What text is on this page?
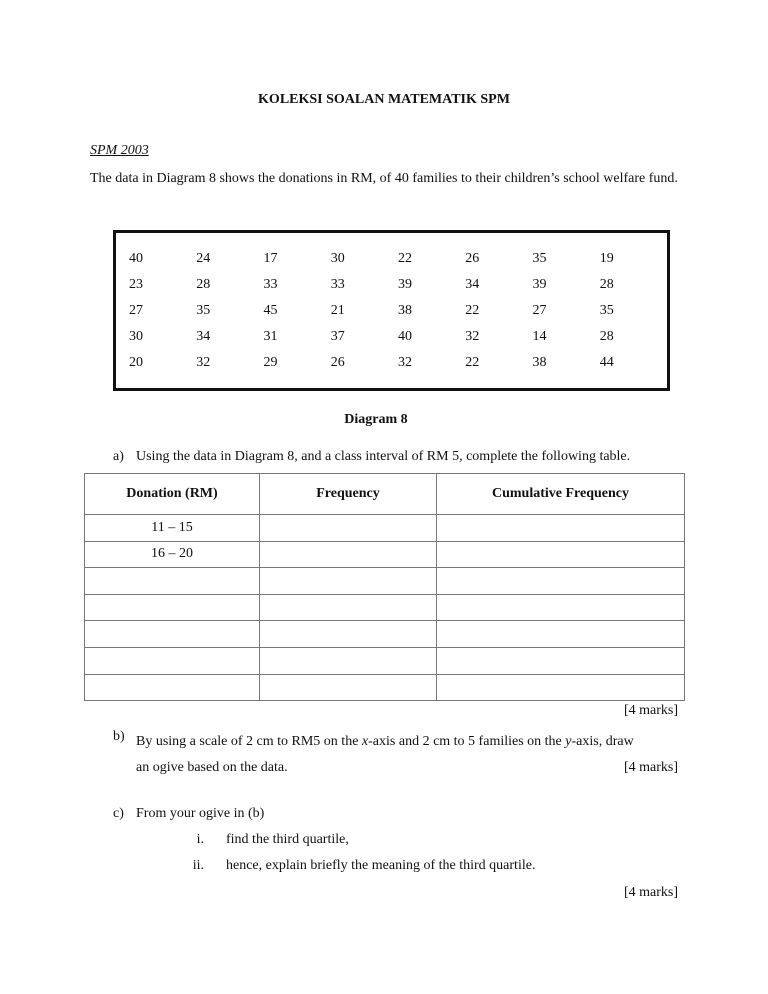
KOLEKSI SOALAN MATEMATIK SPM
SPM 2003
The data in Diagram 8 shows the donations in RM, of 40 families to their children’s school welfare fund.
40	24	17	30	22	26	35	19
23	28	33	33	39	34	39	28
27	35	45	21	38	22	27	35
30	34	31	37	40	32	14	28
20	32	29	26	32	22	38	44
Diagram 8
a) Using the data in Diagram 8, and a class interval of RM 5, complete the following table.
Donation (RM)	Frequency	Cumulative Frequency
11 – 15		
16 – 20		

[4 marks]
b) By using a scale of 2 cm to RM5 on the x-axis and 2 cm to 5 families on the y-axis, draw
an ogive based on the data.	[4 marks]
c) From your ogive in (b)
i. find the third quartile,
ii. hence, explain briefly the meaning of the third quartile.
[4 marks]
